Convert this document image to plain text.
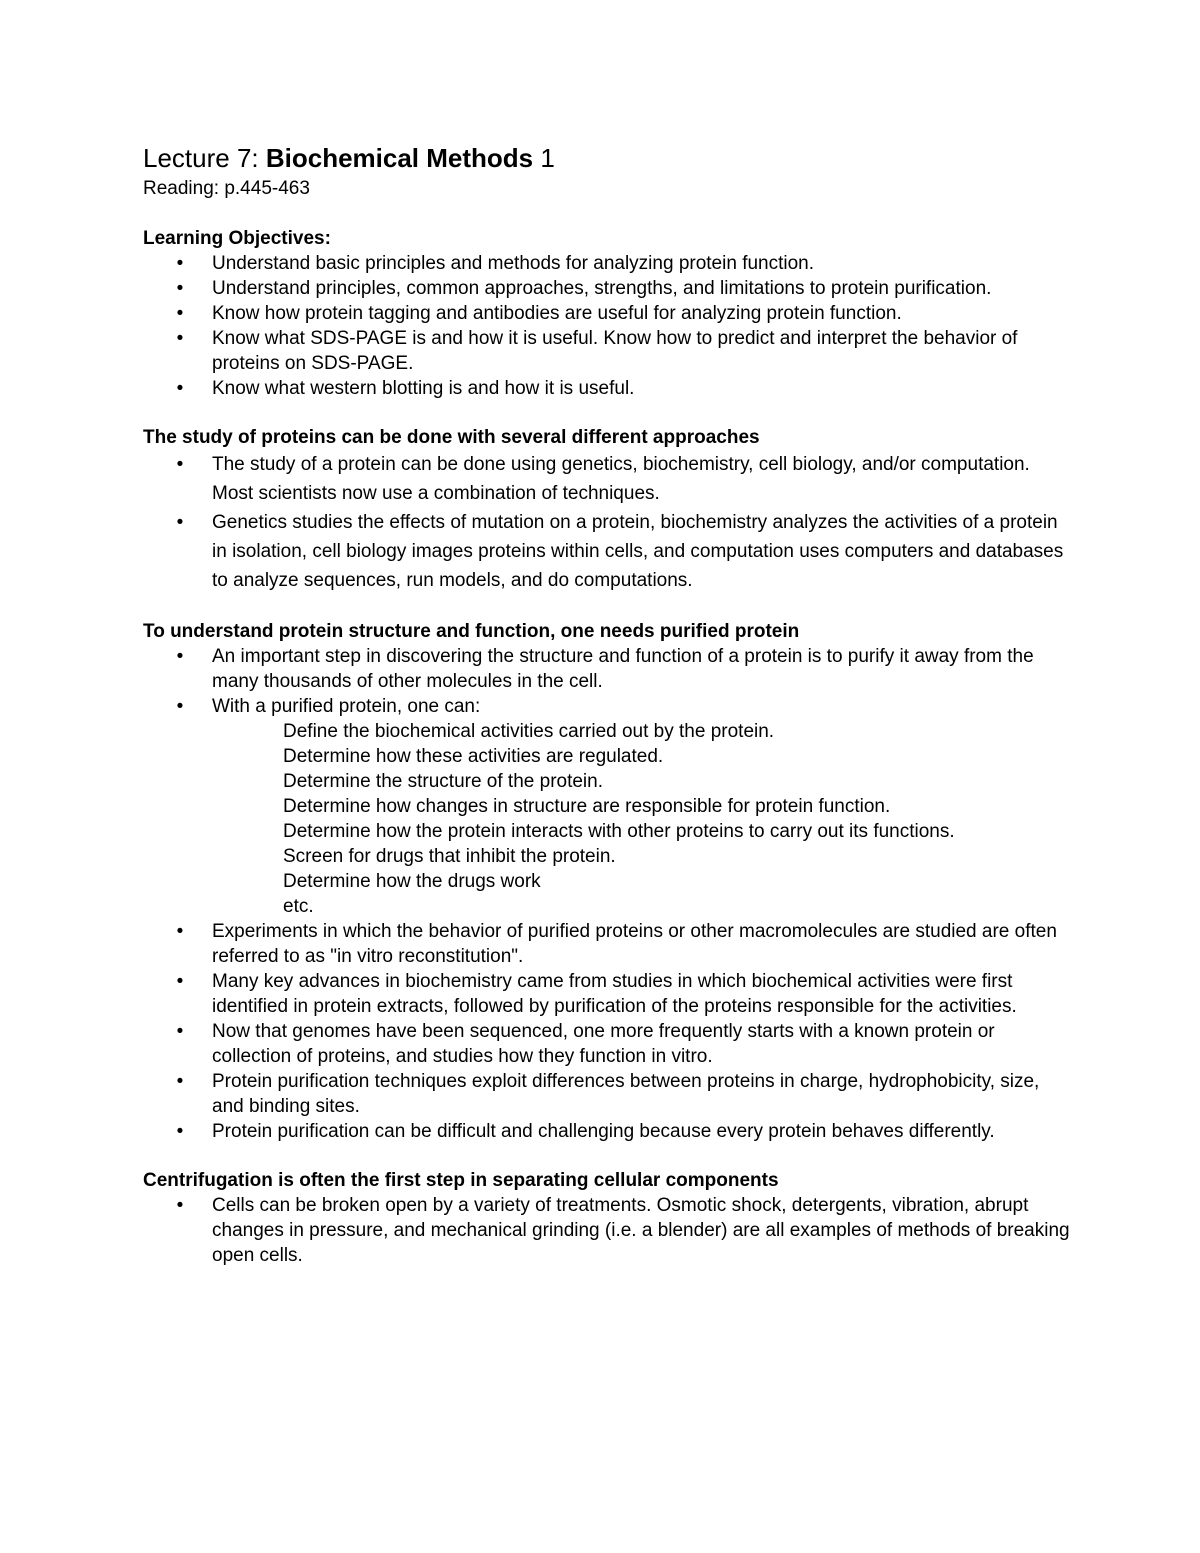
Lecture 7: Biochemical Methods 1

Reading: p.445-463

Learning Objectives:

• Understand basic principles and methods for analyzing protein function.
• Understand principles, common approaches, strengths, and limitations to protein purification.
• Know how protein tagging and antibodies are useful for analyzing protein function.
• Know what SDS-PAGE is and how it is useful. Know how to predict and interpret the behavior of proteins on SDS-PAGE.
• Know what western blotting is and how it is useful.

The study of proteins can be done with several different approaches

• The study of a protein can be done using genetics, biochemistry, cell biology, and/or computation. Most scientists now use a combination of techniques.
• Genetics studies the effects of mutation on a protein, biochemistry analyzes the activities of a protein in isolation, cell biology images proteins within cells, and computation uses computers and databases to analyze sequences, run models, and do computations.

To understand protein structure and function, one needs purified protein

• An important step in discovering the structure and function of a protein is to purify it away from the many thousands of other molecules in the cell.
• With a purified protein, one can:
Define the biochemical activities carried out by the protein.
Determine how these activities are regulated.
Determine the structure of the protein.
Determine how changes in structure are responsible for protein function.
Determine how the protein interacts with other proteins to carry out its functions.
Screen for drugs that inhibit the protein.
Determine how the drugs work
etc.
• Experiments in which the behavior of purified proteins or other macromolecules are studied are often referred to as "in vitro reconstitution".
• Many key advances in biochemistry came from studies in which biochemical activities were first identified in protein extracts, followed by purification of the proteins responsible for the activities.
• Now that genomes have been sequenced, one more frequently starts with a known protein or collection of proteins, and studies how they function in vitro.
• Protein purification techniques exploit differences between proteins in charge, hydrophobicity, size, and binding sites.
• Protein purification can be difficult and challenging because every protein behaves differently.

Centrifugation is often the first step in separating cellular components

• Cells can be broken open by a variety of treatments. Osmotic shock, detergents, vibration, abrupt changes in pressure, and mechanical grinding (i.e. a blender) are all examples of methods of breaking open cells.
